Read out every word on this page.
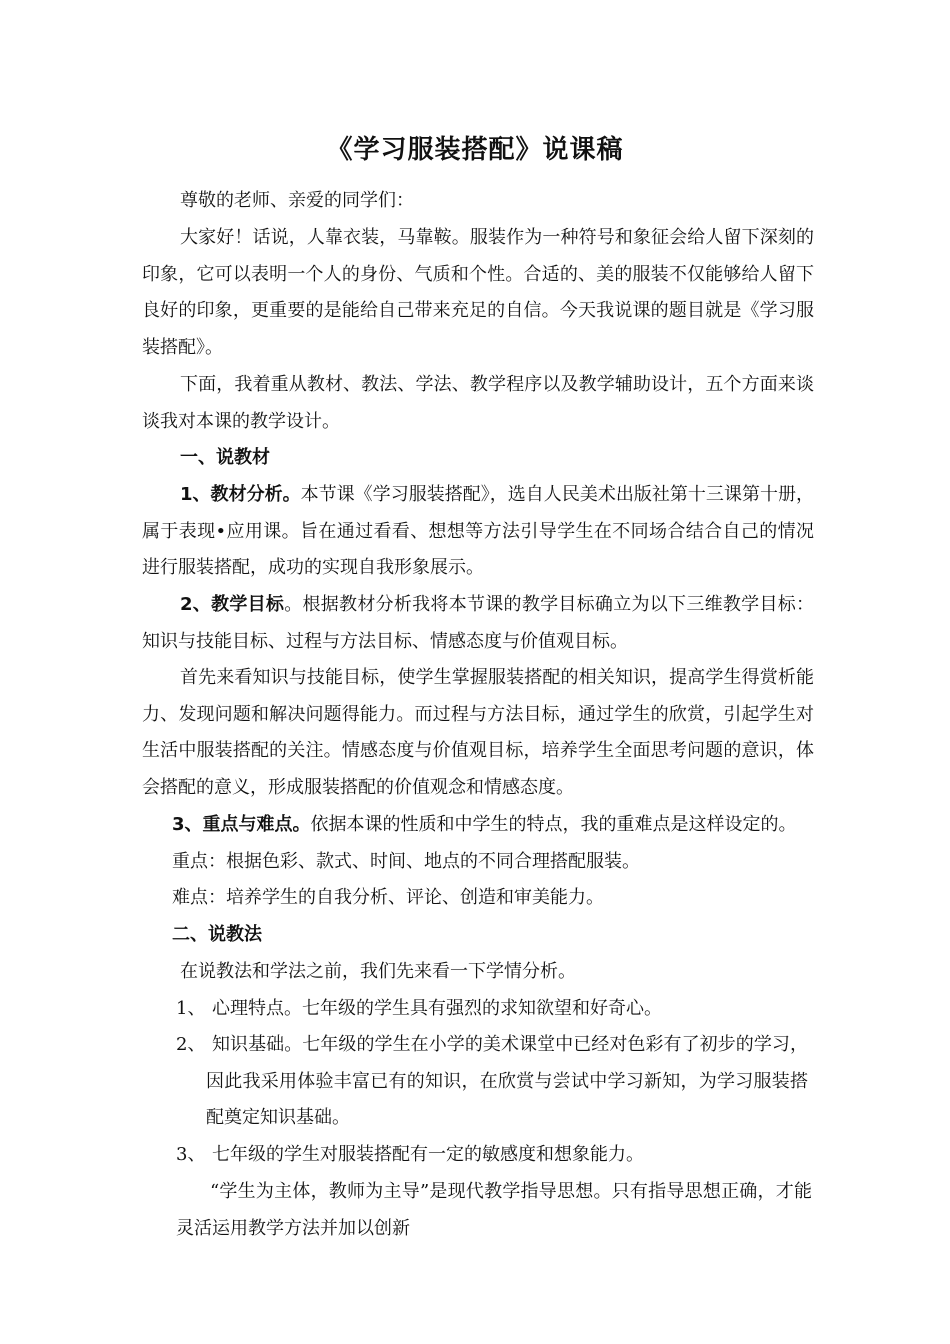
《学习服装搭配》说课稿

尊敬的老师、亲爱的同学们：

大家好！话说，人靠衣装，马靠鞍。服装作为一种符号和象征会给人留下深刻的印象，它可以表明一个人的身份、气质和个性。合适的、美的服装不仅能够给人留下良好的印象，更重要的是能给自己带来充足的自信。今天我说课的题目就是《学习服装搭配》。

下面，我着重从教材、教法、学法、教学程序以及教学辅助设计，五个方面来谈谈我对本课的教学设计。

一、说教材

1、教材分析。本节课《学习服装搭配》，选自人民美术出版社第十三课第十册，属于表现•应用课。旨在通过看看、想想等方法引导学生在不同场合结合自己的情况进行服装搭配，成功的实现自我形象展示。

2、教学目标。根据教材分析我将本节课的教学目标确立为以下三维教学目标：知识与技能目标、过程与方法目标、情感态度与价值观目标。

首先来看知识与技能目标，使学生掌握服装搭配的相关知识，提高学生得赏析能力、发现问题和解决问题得能力。而过程与方法目标，通过学生的欣赏，引起学生对生活中服装搭配的关注。情感态度与价值观目标，培养学生全面思考问题的意识，体会搭配的意义，形成服装搭配的价值观念和情感态度。

3、重点与难点。依据本课的性质和中学生的特点，我的重难点是这样设定的。

重点：根据色彩、款式、时间、地点的不同合理搭配服装。

难点：培养学生的自我分析、评论、创造和审美能力。

二、说教法

在说教法和学法之前，我们先来看一下学情分析。

1、 心理特点。七年级的学生具有强烈的求知欲望和好奇心。
2、 知识基础。七年级的学生在小学的美术课堂中已经对色彩有了初步的学习，因此我采用体验丰富已有的知识，在欣赏与尝试中学习新知，为学习服装搭配奠定知识基础。
3、 七年级的学生对服装搭配有一定的敏感度和想象能力。

“学生为主体，教师为主导”是现代教学指导思想。只有指导思想正确，才能灵活运用教学方法并加以创新
